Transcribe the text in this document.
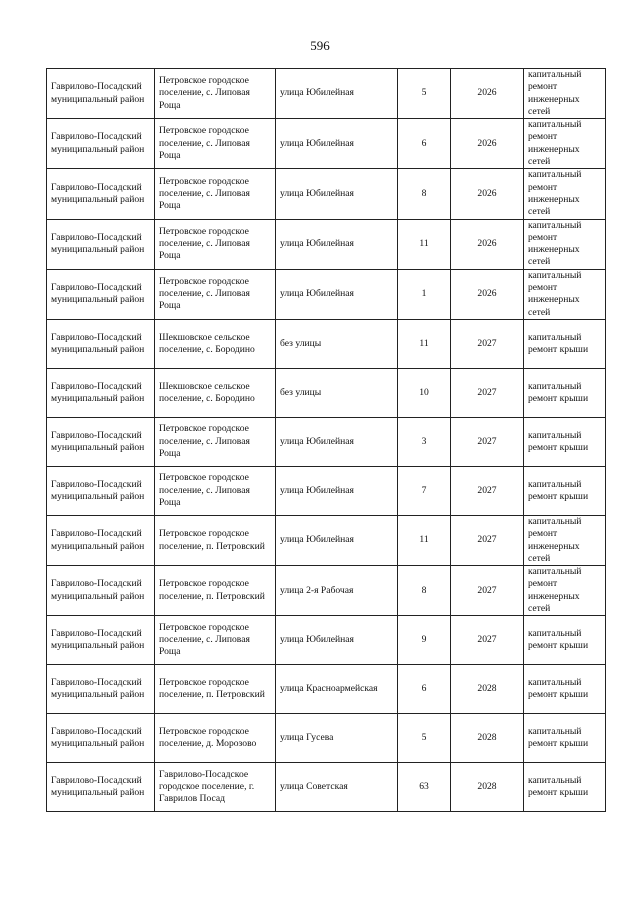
596
Гаврилово-Посадский муниципальный район	Петровское городское поселение, с. Липовая Роща	улица Юбилейная	5	2026	капитальный ремонт инженерных сетей
Гаврилово-Посадский муниципальный район	Петровское городское поселение, с. Липовая Роща	улица Юбилейная	6	2026	капитальный ремонт инженерных сетей
Гаврилово-Посадский муниципальный район	Петровское городское поселение, с. Липовая Роща	улица Юбилейная	8	2026	капитальный ремонт инженерных сетей
Гаврилово-Посадский муниципальный район	Петровское городское поселение, с. Липовая Роща	улица Юбилейная	11	2026	капитальный ремонт инженерных сетей
Гаврилово-Посадский муниципальный район	Петровское городское поселение, с. Липовая Роща	улица Юбилейная	1	2026	капитальный ремонт инженерных сетей
Гаврилово-Посадский муниципальный район	Шекшовское сельское поселение, с. Бородино	без улицы	11	2027	капитальный ремонт крыши
Гаврилово-Посадский муниципальный район	Шекшовское сельское поселение, с. Бородино	без улицы	10	2027	капитальный ремонт крыши
Гаврилово-Посадский муниципальный район	Петровское городское поселение, с. Липовая Роща	улица Юбилейная	3	2027	капитальный ремонт крыши
Гаврилово-Посадский муниципальный район	Петровское городское поселение, с. Липовая Роща	улица Юбилейная	7	2027	капитальный ремонт крыши
Гаврилово-Посадский муниципальный район	Петровское городское поселение, п. Петровский	улица Юбилейная	11	2027	капитальный ремонт инженерных сетей
Гаврилово-Посадский муниципальный район	Петровское городское поселение, п. Петровский	улица 2-я Рабочая	8	2027	капитальный ремонт инженерных сетей
Гаврилово-Посадский муниципальный район	Петровское городское поселение, с. Липовая Роща	улица Юбилейная	9	2027	капитальный ремонт крыши
Гаврилово-Посадский муниципальный район	Петровское городское поселение, п. Петровский	улица Красноармейская	6	2028	капитальный ремонт крыши
Гаврилово-Посадский муниципальный район	Петровское городское поселение, д. Морозово	улица Гусева	5	2028	капитальный ремонт крыши
Гаврилово-Посадский муниципальный район	Гаврилово-Посадское городское поселение, г. Гаврилов Посад	улица Советская	63	2028	капитальный ремонт крыши
